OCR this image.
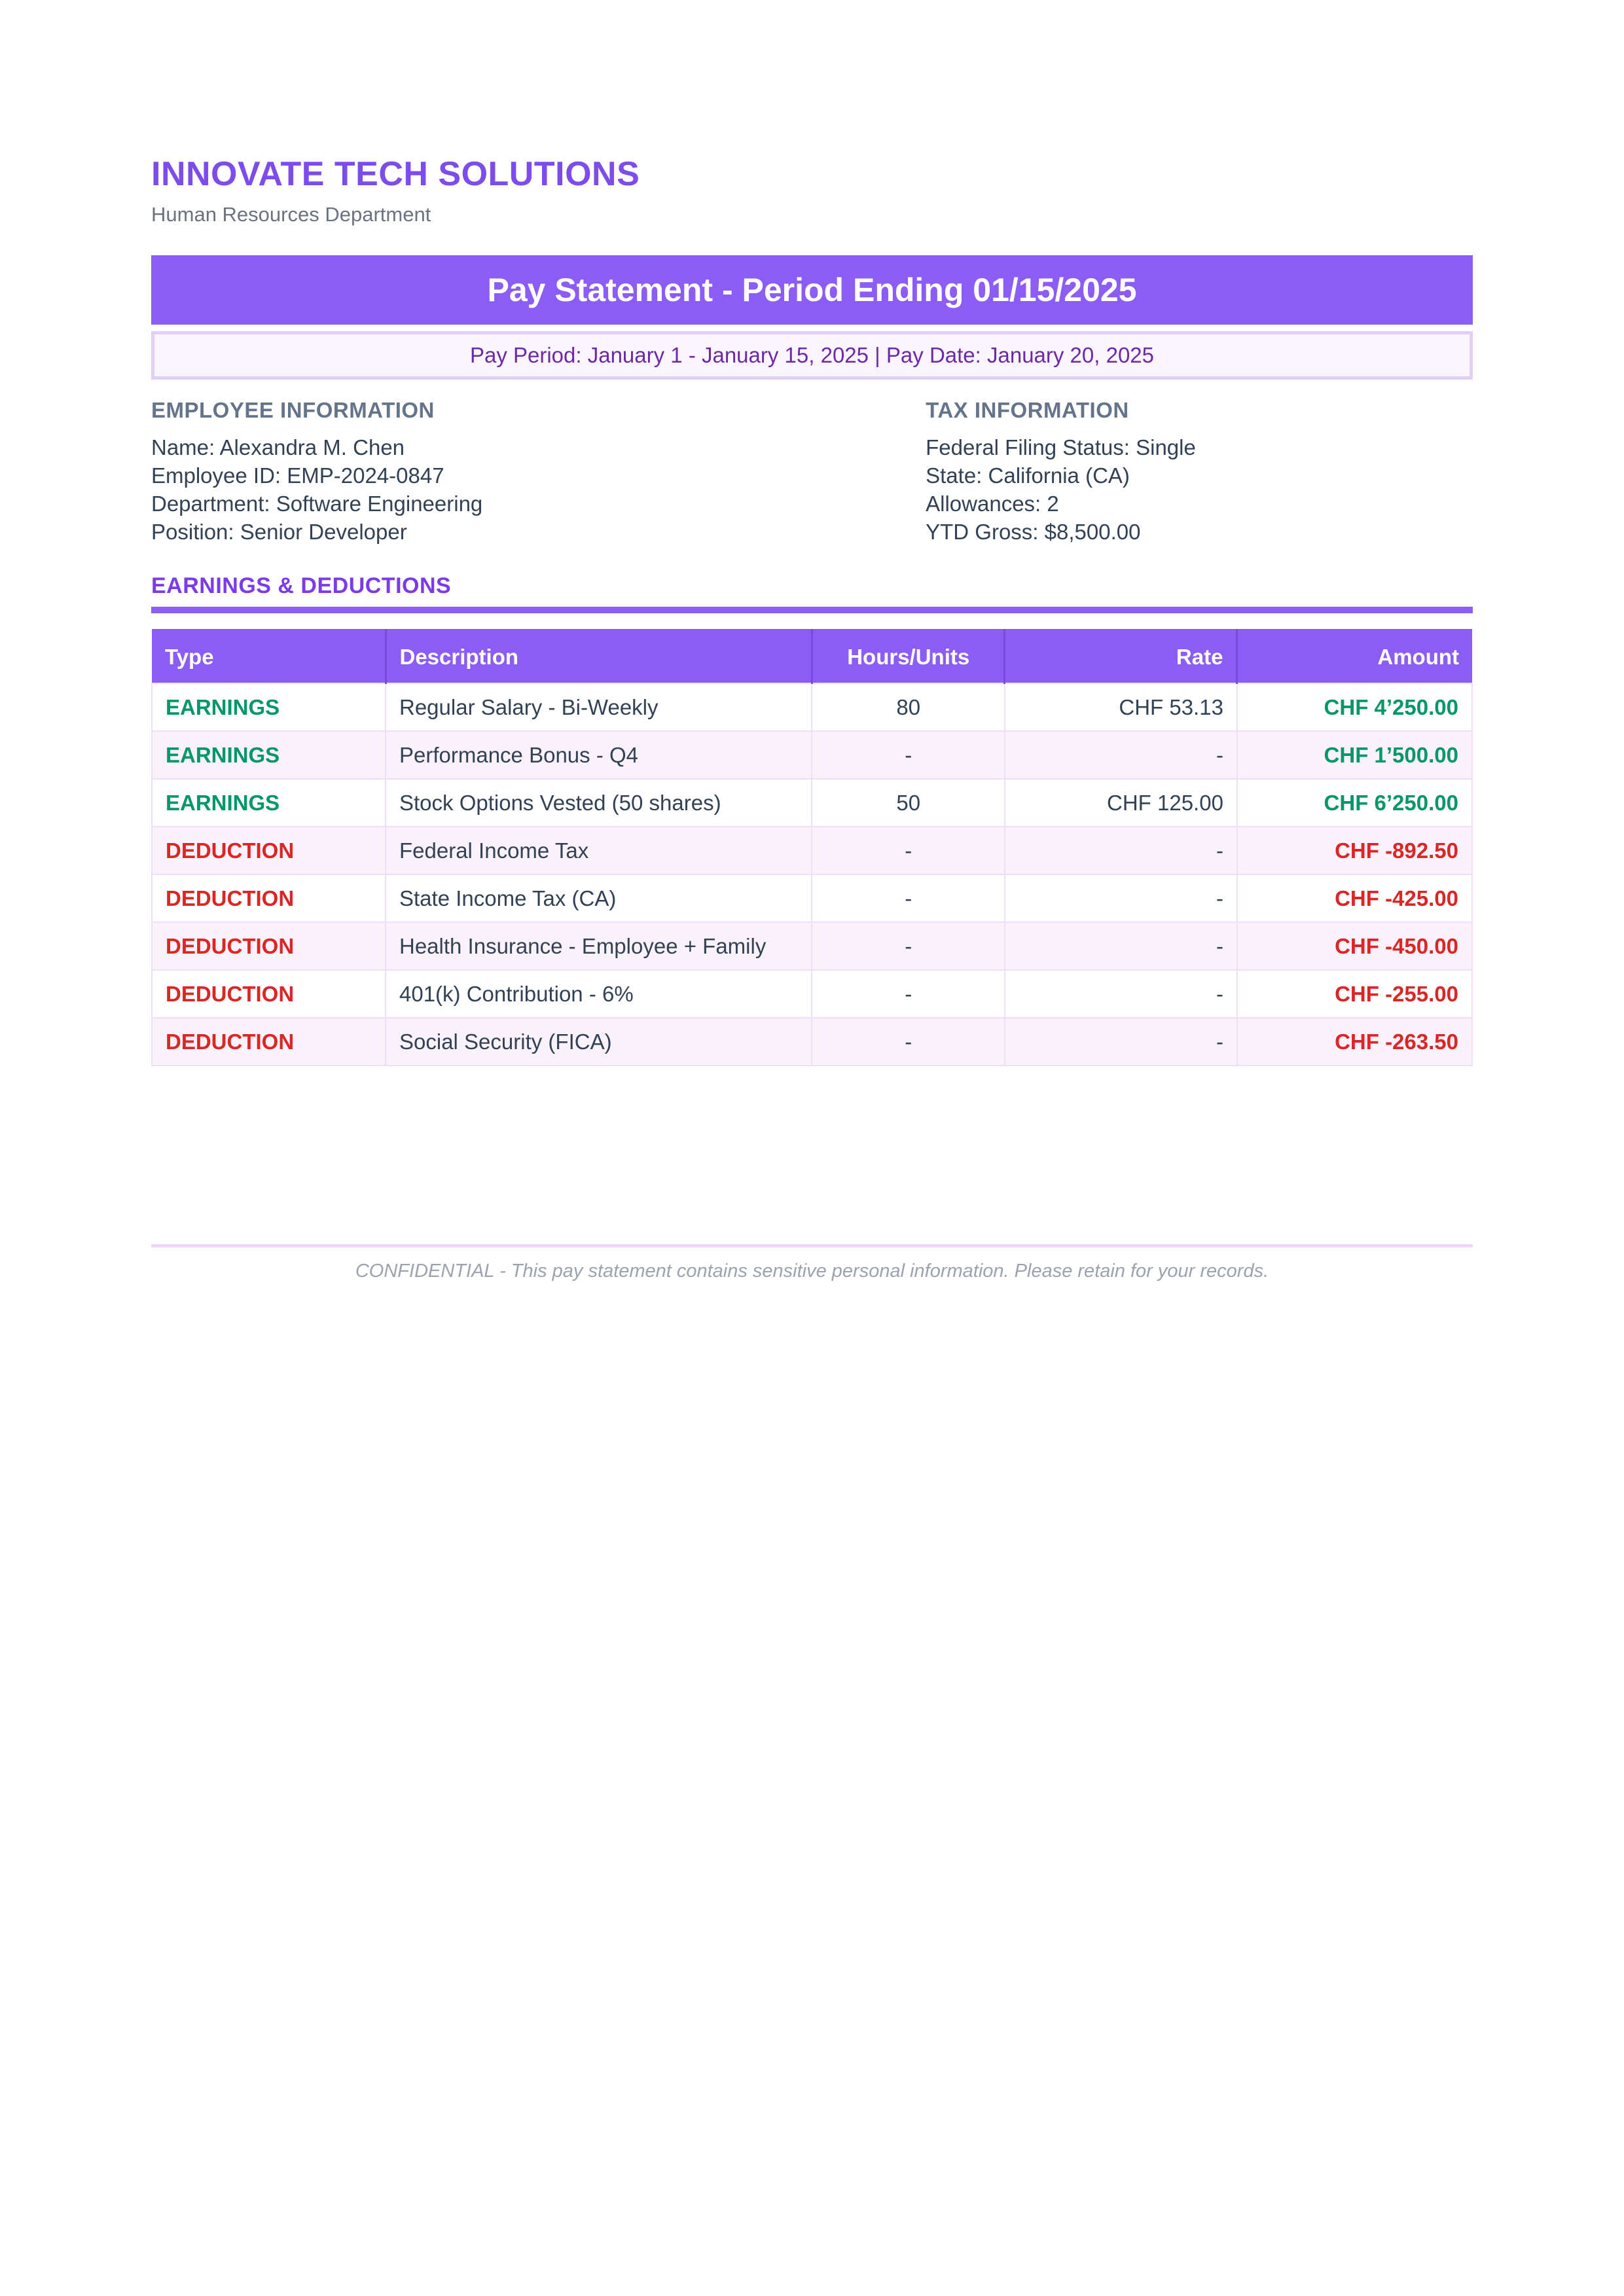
INNOVATE TECH SOLUTIONS
Human Resources Department
Pay Statement - Period Ending 01/15/2025
Pay Period: January 1 - January 15, 2025 | Pay Date: January 20, 2025
EMPLOYEE INFORMATION
Name: Alexandra M. Chen
Employee ID: EMP-2024-0847
Department: Software Engineering
Position: Senior Developer
TAX INFORMATION
Federal Filing Status: Single
State: California (CA)
Allowances: 2
YTD Gross: $8,500.00
EARNINGS & DEDUCTIONS
Type	Description	Hours/Units	Rate	Amount
EARNINGS	Regular Salary - Bi-Weekly	80	CHF 53.13	CHF 4’250.00
EARNINGS	Performance Bonus - Q4	-	-	CHF 1’500.00
EARNINGS	Stock Options Vested (50 shares)	50	CHF 125.00	CHF 6’250.00
DEDUCTION	Federal Income Tax	-	-	CHF -892.50
DEDUCTION	State Income Tax (CA)	-	-	CHF -425.00
DEDUCTION	Health Insurance - Employee + Family	-	-	CHF -450.00
DEDUCTION	401(k) Contribution - 6%	-	-	CHF -255.00
DEDUCTION	Social Security (FICA)	-	-	CHF -263.50
CONFIDENTIAL - This pay statement contains sensitive personal information. Please retain for your records.
